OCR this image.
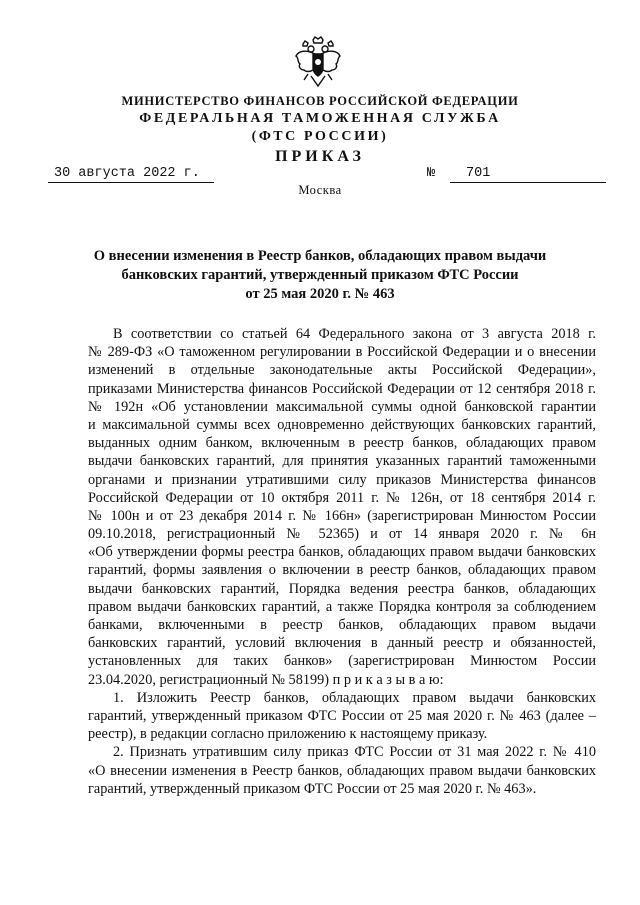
МИНИСТЕРСТВО ФИНАНСОВ РОССИЙСКОЙ ФЕДЕРАЦИИ
ФЕДЕРАЛЬНАЯ ТАМОЖЕННАЯ СЛУЖБА
(ФТС РОССИИ)
ПРИКАЗ
30 августа 2022 г.	№	701
Москва
О внесении изменения в Реестр банков, обладающих правом выдачи
банковских гарантий, утвержденный приказом ФТС России
от 25 мая 2020 г. № 463
В соответствии со статьей 64 Федерального закона от 3 августа 2018 г.
№ 289-ФЗ «О таможенном регулировании в Российской Федерации и о внесении
изменений в отдельные законодательные акты Российской Федерации»,
приказами Министерства финансов Российской Федерации от 12 сентября 2018 г.
№ 192н «Об установлении максимальной суммы одной банковской гарантии
и максимальной суммы всех одновременно действующих банковских гарантий,
выданных одним банком, включенным в реестр банков, обладающих правом
выдачи банковских гарантий, для принятия указанных гарантий таможенными
органами и признании утратившими силу приказов Министерства финансов
Российской Федерации от 10 октября 2011 г. № 126н, от 18 сентября 2014 г.
№ 100н и от 23 декабря 2014 г. № 166н» (зарегистрирован Минюстом России
09.10.2018, регистрационный № 52365) и от 14 января 2020 г. № 6н
«Об утверждении формы реестра банков, обладающих правом выдачи банковских
гарантий, формы заявления о включении в реестр банков, обладающих правом
выдачи банковских гарантий, Порядка ведения реестра банков, обладающих
правом выдачи банковских гарантий, а также Порядка контроля за соблюдением
банками, включенными в реестр банков, обладающих правом выдачи
банковских гарантий, условий включения в данный реестр и обязанностей,
установленных для таких банков» (зарегистрирован Минюстом России
23.04.2020, регистрационный № 58199) п р и к а з ы в а ю:
1. Изложить Реестр банков, обладающих правом выдачи банковских
гарантий, утвержденный приказом ФТС России от 25 мая 2020 г. № 463 (далее –
реестр), в редакции согласно приложению к настоящему приказу.
2. Признать утратившим силу приказ ФТС России от 31 мая 2022 г. № 410
«О внесении изменения в Реестр банков, обладающих правом выдачи банковских
гарантий, утвержденный приказом ФТС России от 25 мая 2020 г. № 463».
